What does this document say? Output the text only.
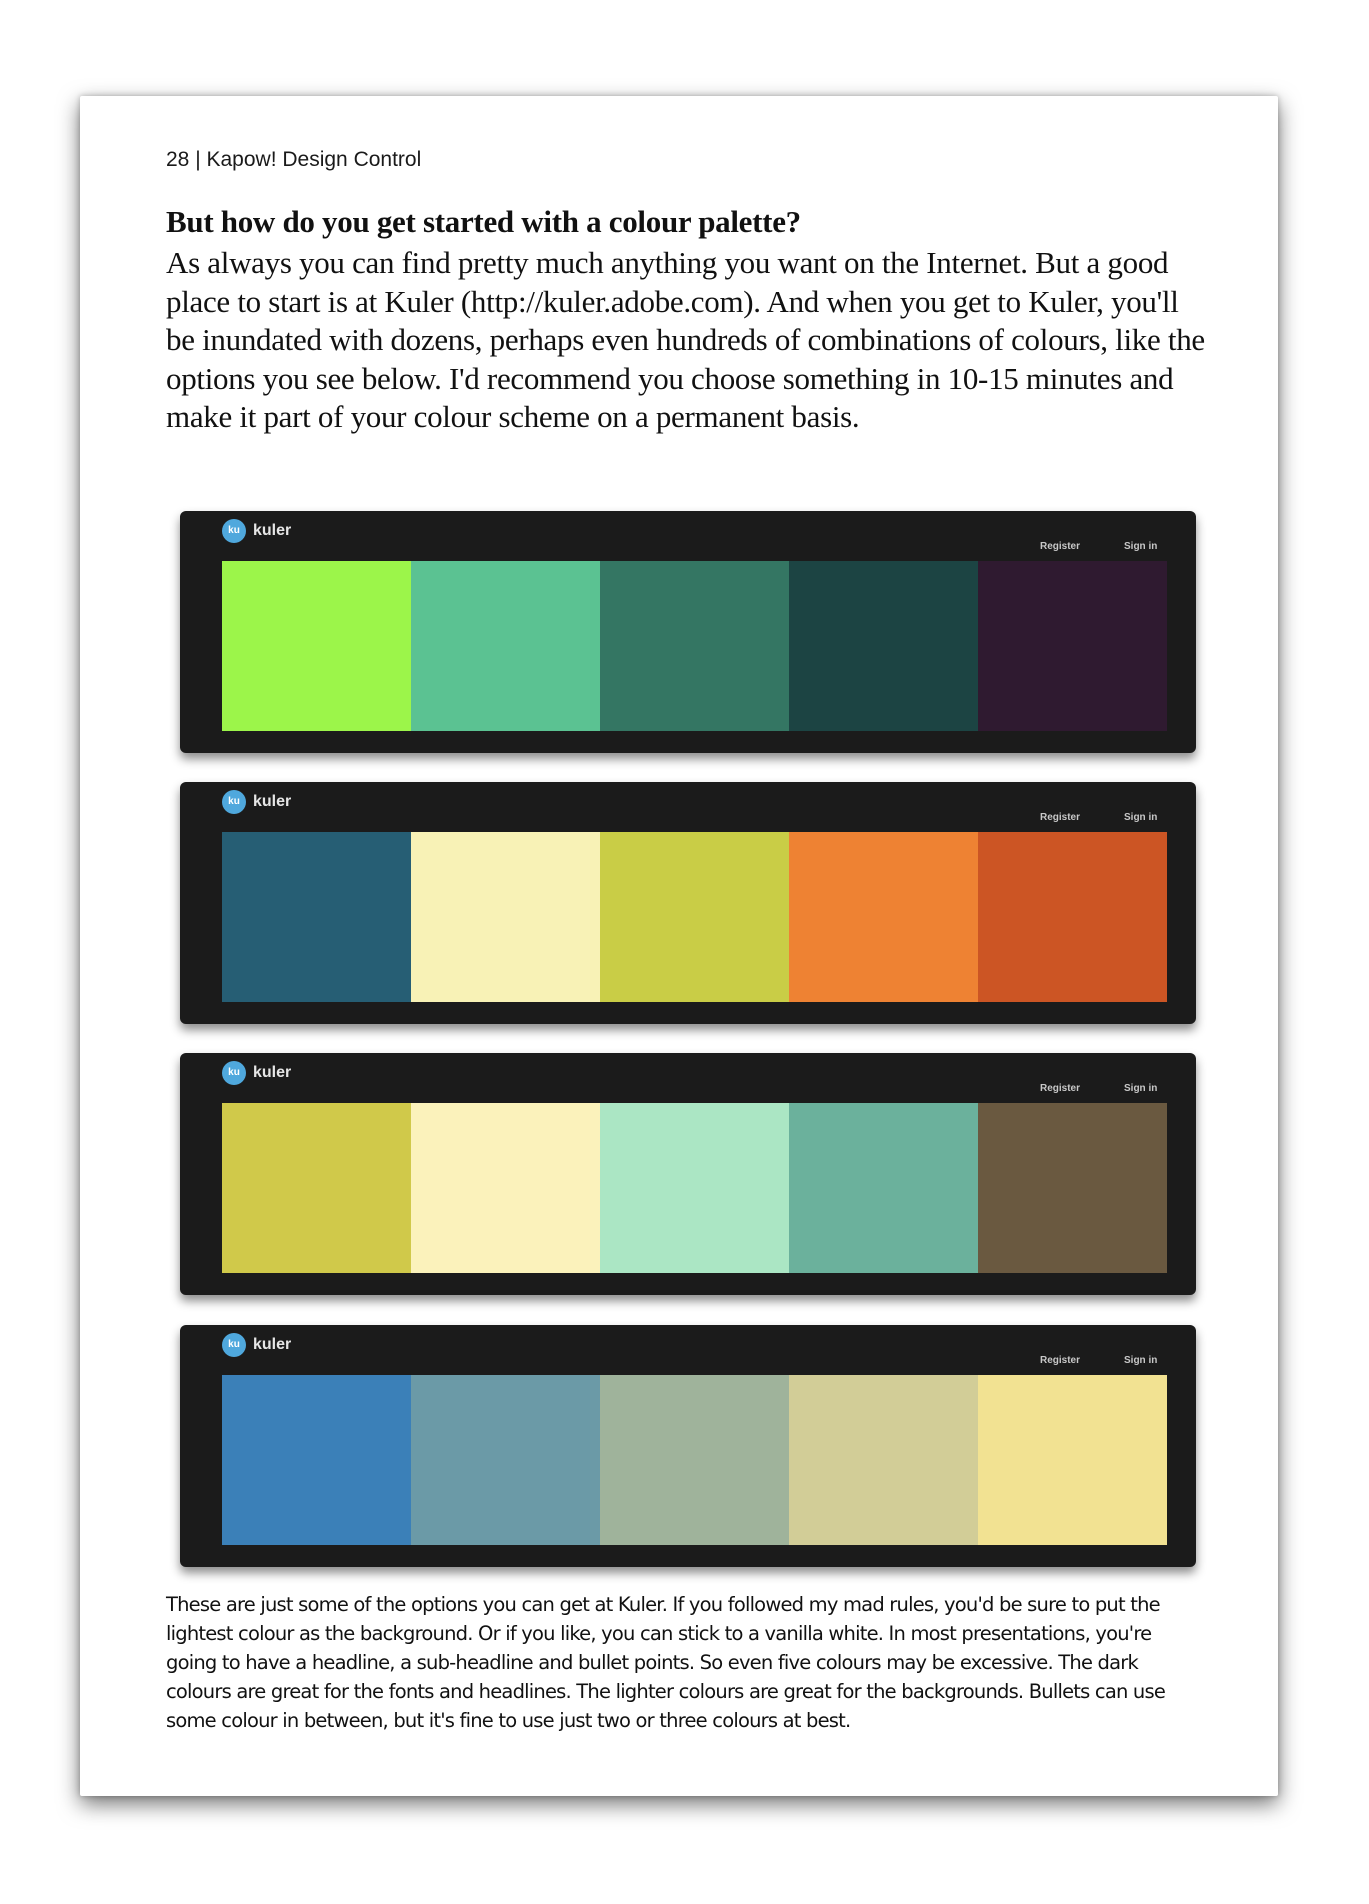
28 | Kapow! Design Control
But how do you get started with a colour palette?

As always you can find pretty much anything you want on the Internet. But a good place to start is at Kuler (http://kuler.adobe.com). And when you get to Kuler, you'll be inundated with dozens, perhaps even hundreds of combinations of colours, like the options you see below. I'd recommend you choose something in 10-15 minutes and make it part of your colour scheme on a permanent basis.

ku kuler
Register	Sign in
ku kuler
Register	Sign in
ku kuler
Register	Sign in
ku kuler
Register	Sign in

These are just some of the options you can get at Kuler. If you followed my mad rules, you'd be sure to put the lightest colour as the background. Or if you like, you can stick to a vanilla white. In most presentations, you're going to have a headline, a sub-headline and bullet points. So even five colours may be excessive. The dark colours are great for the fonts and headlines. The lighter colours are great for the backgrounds. Bullets can use some colour in between, but it's fine to use just two or three colours at best.
